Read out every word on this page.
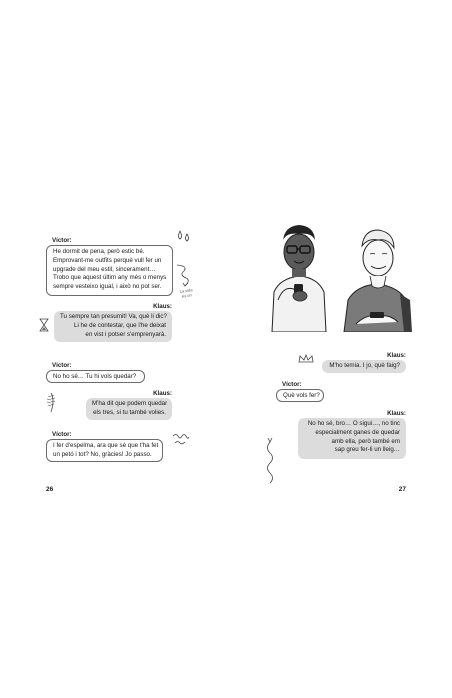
Víctor:
He dormit de pena, però estic bé.
Emprovant-me outfits perquè vull fer un
upgrade del meu estil, sincerament…
Trobo que aquest últim any més o menys
sempre vesteixo igual, i això no pot ser.
Klaus:
Tu sempre tan presumit! Va, què li dic?
Li he de contestar, que l'he deixat
en vist i potser s'emprenyarà.
Víctor:
No ho sé… Tu hi vols quedar?
Klaus:
M'ha dit que podem quedar
els tres, si tu també volies.
Víctor:
I fer d'espelma, ara que sé que t'ha fet
un petó i tot? No, gràcies! Jo passo.
26
La vida
és un
Klaus:
M'ho temia. I jo, què faig?
Víctor:
Què vols fer?
Klaus:
No ho sé, bro… O sigui…, no tinc
especialment ganes de quedar
amb ella, però també em
sap greu fer-li un lleig…
27
